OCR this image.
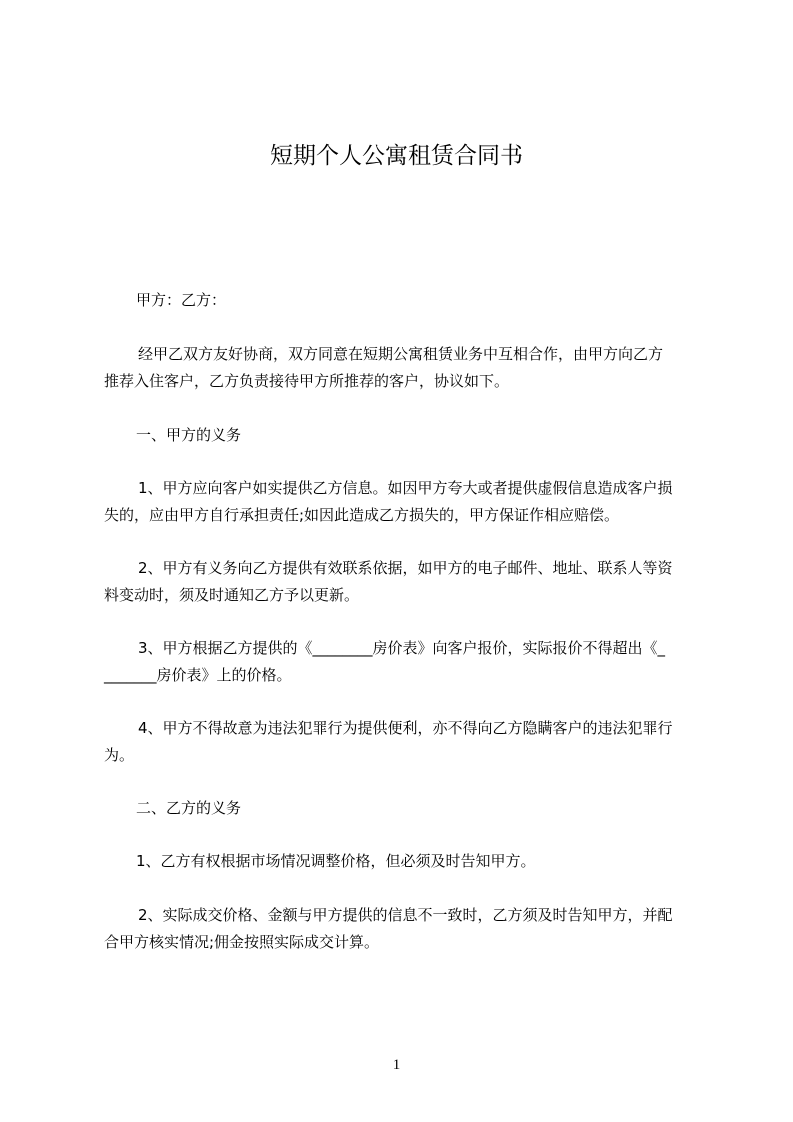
短期个人公寓租赁合同书
甲方：乙方：
经甲乙双方友好协商，双方同意在短期公寓租赁业务中互相合作，由甲方向乙方
推荐入住客户，乙方负责接待甲方所推荐的客户，协议如下。
一、甲方的义务
1、甲方应向客户如实提供乙方信息。如因甲方夸大或者提供虚假信息造成客户损
失的，应由甲方自行承担责任;如因此造成乙方损失的，甲方保证作相应赔偿。
2、甲方有义务向乙方提供有效联系依据，如甲方的电子邮件、地址、联系人等资
料变动时，须及时通知乙方予以更新。
3、甲方根据乙方提供的《________房价表》向客户报价，实际报价不得超出《_
_______房价表》上的价格。
4、甲方不得故意为违法犯罪行为提供便利，亦不得向乙方隐瞒客户的违法犯罪行
为。
二、乙方的义务
1、乙方有权根据市场情况调整价格，但必须及时告知甲方。
2、实际成交价格、金额与甲方提供的信息不一致时，乙方须及时告知甲方，并配
合甲方核实情况;佣金按照实际成交计算。
1
